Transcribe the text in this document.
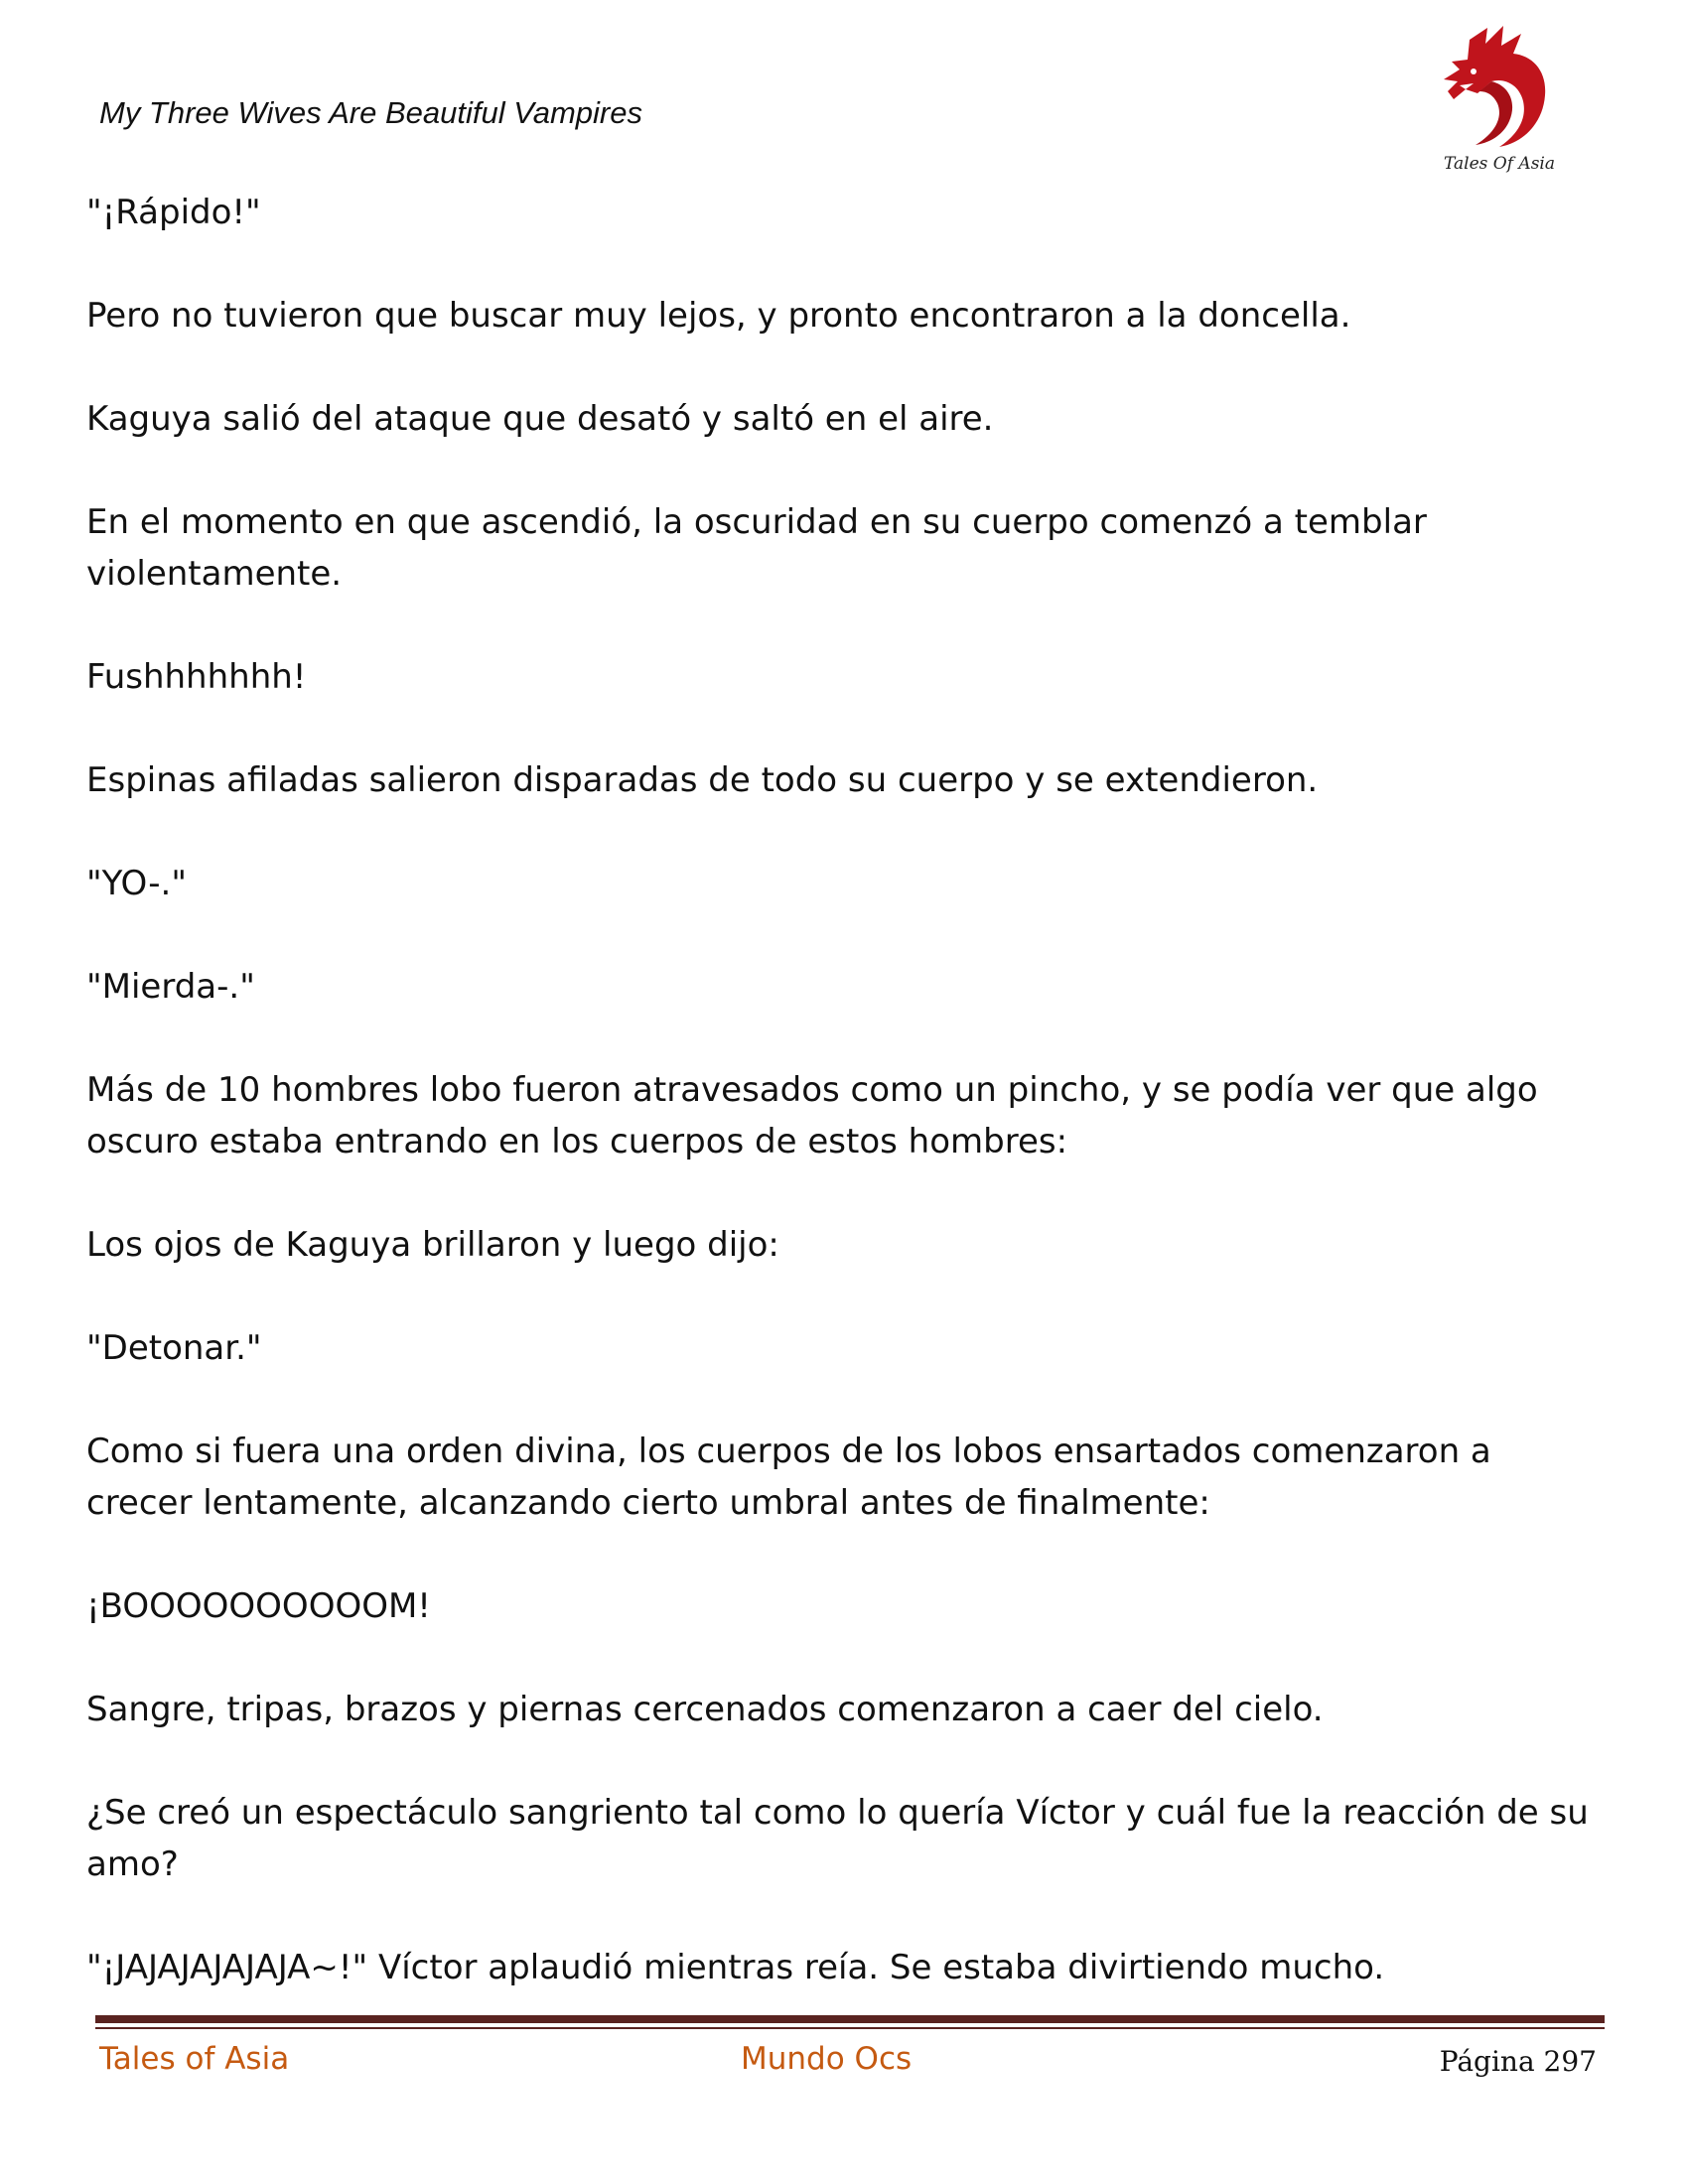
My Three Wives Are Beautiful Vampires
Tales Of Asia

"¡Rápido!"

Pero no tuvieron que buscar muy lejos, y pronto encontraron a la doncella.

Kaguya salió del ataque que desató y saltó en el aire.

En el momento en que ascendió, la oscuridad en su cuerpo comenzó a temblar violentamente.

Fushhhhhhh!

Espinas afiladas salieron disparadas de todo su cuerpo y se extendieron.

"YO-."

"Mierda-."

Más de 10 hombres lobo fueron atravesados como un pincho, y se podía ver que algo oscuro estaba entrando en los cuerpos de estos hombres:

Los ojos de Kaguya brillaron y luego dijo:

"Detonar."

Como si fuera una orden divina, los cuerpos de los lobos ensartados comenzaron a crecer lentamente, alcanzando cierto umbral antes de finalmente:

¡BOOOOOOOOOOM!

Sangre, tripas, brazos y piernas cercenados comenzaron a caer del cielo.

¿Se creó un espectáculo sangriento tal como lo quería Víctor y cuál fue la reacción de su amo?

"¡JAJAJAJAJAJA~!" Víctor aplaudió mientras reía. Se estaba divirtiendo mucho.

Tales of Asia	Mundo Ocs	Página 297
